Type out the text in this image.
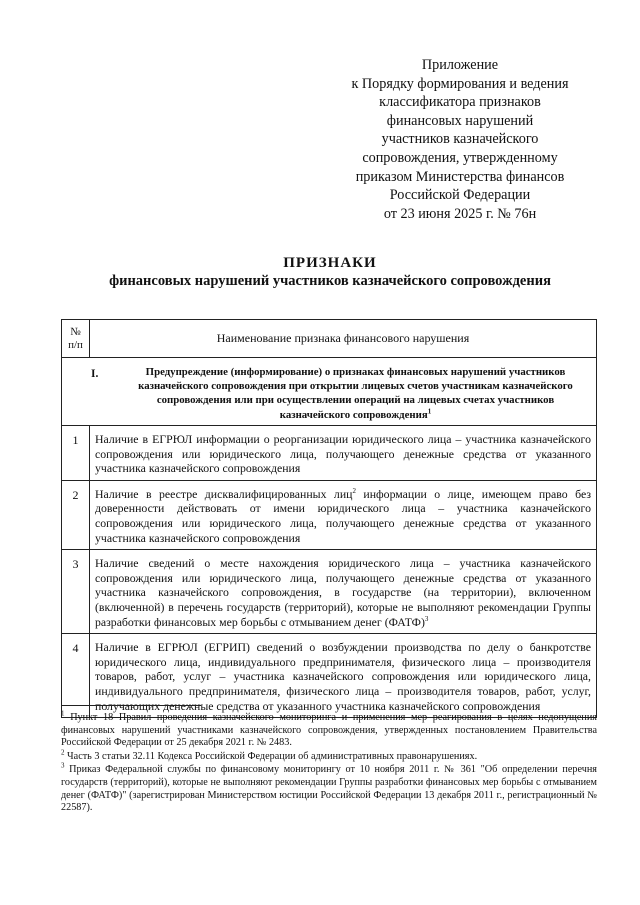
Приложение
к Порядку формирования и ведения
классификатора признаков
финансовых нарушений
участников казначейского
сопровождения, утвержденному
приказом Министерства финансов
Российской Федерации
от 23 июня 2025 г. № 76н
ПРИЗНАКИ
финансовых нарушений участников казначейского сопровождения
№
п/п	Наименование признака финансового нарушения

I. Предупреждение (информирование) о признаках финансовых нарушений участников казначейского сопровождения при открытии лицевых счетов участникам казначейского сопровождения или при осуществлении операций на лицевых счетах участников казначейского сопровождения$^1$

1	Наличие в ЕГРЮЛ информации о реорганизации юридического лица – участника казначейского сопровождения или юридического лица, получающего денежные средства от указанного участника казначейского сопровождения
2	Наличие в реестре дисквалифицированных лиц$^2$ информации о лице, имеющем право без доверенности действовать от имени юридического лица – участника казначейского сопровождения или юридического лица, получающего денежные средства от указанного участника казначейского сопровождения
3	Наличие сведений о месте нахождения юридического лица – участника казначейского сопровождения или юридического лица, получающего денежные средства от указанного участника казначейского сопровождения, в государстве (на территории), включенном (включенной) в перечень государств (территорий), которые не выполняют рекомендации Группы разработки финансовых мер борьбы с отмыванием денег (ФАТФ)$^3$
4	Наличие в ЕГРЮЛ (ЕГРИП) сведений о возбуждении производства по делу о банкротстве юридического лица, индивидуального предпринимателя, физического лица – производителя товаров, работ, услуг – участника казначейского сопровождения или юридического лица, индивидуального предпринимателя, физического лица – производителя товаров, работ, услуг, получающих денежные средства от указанного участника казначейского сопровождения

$^1$ Пункт 18 Правил проведения казначейского мониторинга и применения мер реагирования в целях недопущения финансовых нарушений участниками казначейского сопровождения, утвержденных постановлением Правительства Российской Федерации от 25 декабря 2021 г. № 2483.

$^2$ Часть 3 статьи 32.11 Кодекса Российской Федерации об административных правонарушениях.

$^3$ Приказ Федеральной службы по финансовому мониторингу от 10 ноября 2011 г. № 361 "Об определении перечня государств (территорий), которые не выполняют рекомендации Группы разработки финансовых мер борьбы с отмыванием денег (ФАТФ)" (зарегистрирован Министерством юстиции Российской Федерации 13 декабря 2011 г., регистрационный № 22587).
